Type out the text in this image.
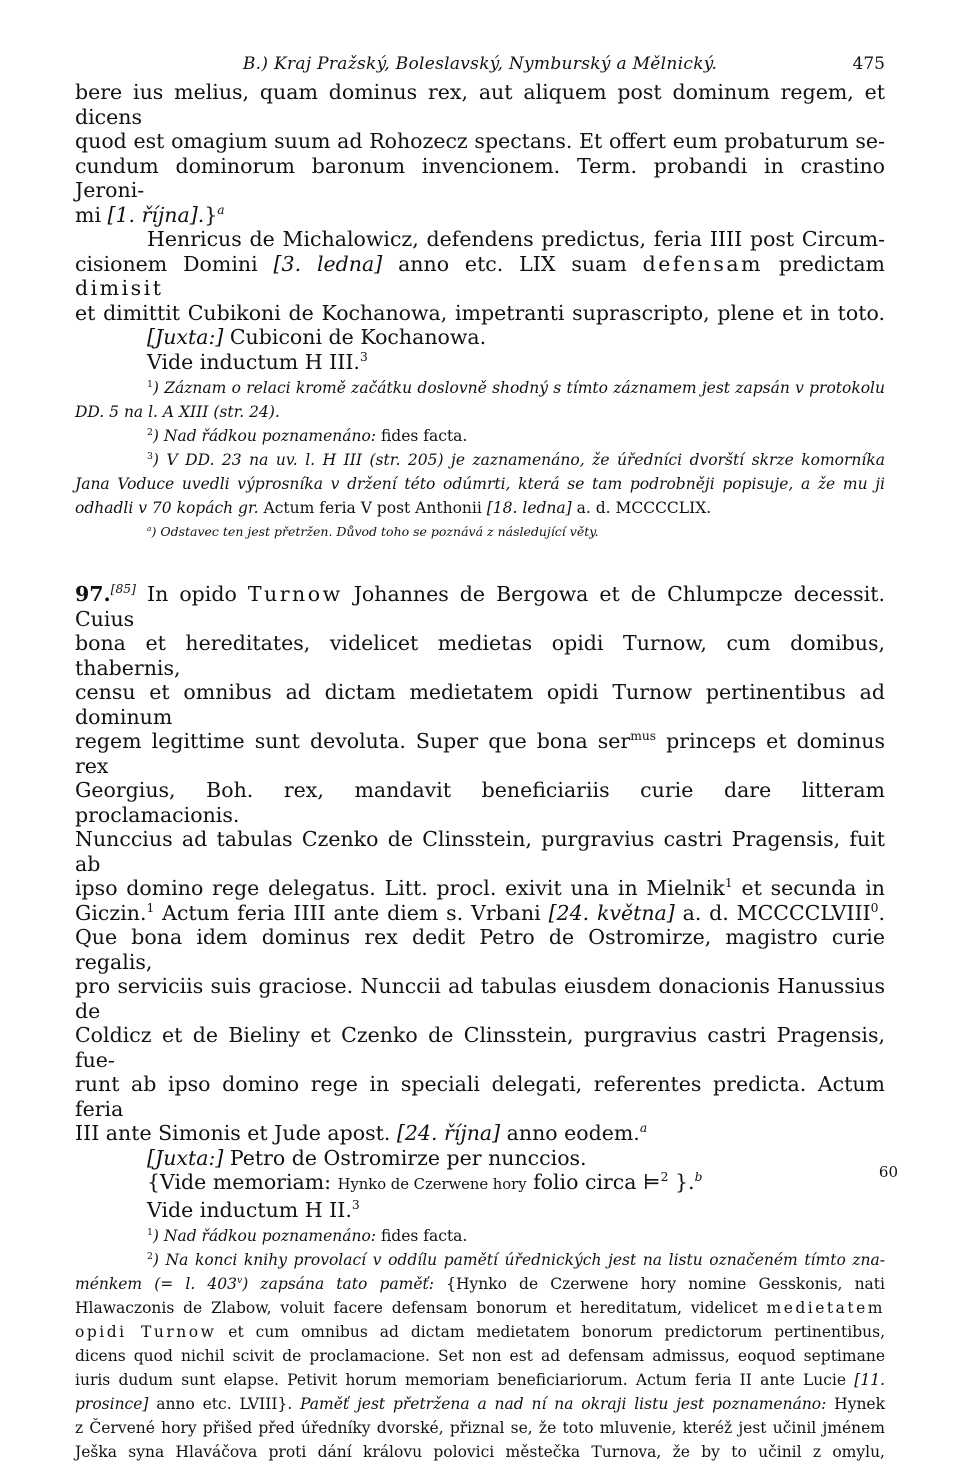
B.) Kraj Pražský, Boleslavský, Nymburský a Mělnický.	475
bere ius melius, quam dominus rex, aut aliquem post dominum regem, et dicens
quod est omagium suum ad Rohozecz spectans. Et offert eum probaturum se-
cundum dominorum baronum invencionem. Term. probandi in crastino Jeroni-
mi [1. října].}$^a$
Henricus de Michalowicz, defendens predictus, feria IIII post Circum-
cisionem Domini [3. ledna] anno etc. LIX suam defensam predictam dimisit
et dimittit Cubikoni de Kochanowa, impetranti suprascripto, plene et in toto.
[Juxta:] Cubiconi de Kochanowa.
Vide inductum H III.$^3$
$^1$) Záznam o relaci kromě začátku doslovně shodný s tímto záznamem jest zapsán v protokolu
DD. 5 na l. A XIII (str. 24).
$^2$) Nad řádkou poznamenáno: fides facta.
$^3$) V DD. 23 na uv. l. H III (str. 205) je zaznamenáno, že úředníci dvorští skrze komorníka
Jana Voduce uvedli výprosníka v držení této odúmrti, která se tam podrobněji popisuje, a že mu ji
odhadli v 70 kopách gr. Actum feria V post Anthonii [18. ledna] a. d. MCCCCLIX.
$^a$) Odstavec ten jest přetržen. Důvod toho se poznává z následující věty.
97.[85] In opido Turnow Johannes de Bergowa et de Chlumpcze decessit. Cuius
bona et hereditates, videlicet medietas opidi Turnow, cum domibus, thabernis,
censu et omnibus ad dictam medietatem opidi Turnow pertinentibus ad dominum
regem legittime sunt devoluta. Super que bona ser$^{mus}$ princeps et dominus rex
Georgius, Boh. rex, mandavit beneficiariis curie dare litteram proclamacionis.
Nunccius ad tabulas Czenko de Clinsstein, purgravius castri Pragensis, fuit ab
ipso domino rege delegatus. Litt. procl. exivit una in Mielnik$^1$ et secunda in
Giczin.$^1$ Actum feria IIII ante diem s. Vrbani [24. května] a. d. MCCCCLVIII$^0$.
Que bona idem dominus rex dedit Petro de Ostromirze, magistro curie regalis,
pro serviciis suis graciose. Nunccii ad tabulas eiusdem donacionis Hanussius de
Coldicz et de Bieliny et Czenko de Clinsstein, purgravius castri Pragensis, fue-
runt ab ipso domino rege in speciali delegati, referentes predicta. Actum feria
III ante Simonis et Jude apost. [24. října] anno eodem.$^a$
[Juxta:] Petro de Ostromirze per nunccios.
{Vide memoriam: Hynko de Czerwene hory folio circa ⊨$^2$ }.$^b$
Vide inductum H II.$^3$
$^1$) Nad řádkou poznamenáno: fides facta.
$^2$) Na konci knihy provolací v oddílu pamětí úřednických jest na listu označeném tímto zna-
ménkem (= l. 403$^v$) zapsána tato paměť: {Hynko de Czerwene hory nomine Gesskonis, nati
Hlawaczonis de Zlabow, voluit facere defensam bonorum et hereditatum, videlicet medietatem
opidi Turnow et cum omnibus ad dictam medietatem bonorum predictorum pertinentibus,
dicens quod nichil scivit de proclamacione. Set non est ad defensam admissus, eoquod septimane
iuris dudum sunt elapse. Petivit horum memoriam beneficiariorum. Actum feria II ante Lucie [11.
prosince] anno etc. LVIII}. Paměť jest přetržena a nad ní na okraji listu jest poznamenáno: Hynek
z Červené hory přišed před úředníky dvorské, přiznal se, že toto mluvenie, kteréž jest učinil jménem
Ješka syna Hlaváčova proti dání královu polovici městečka Turnova, že by to učinil z omylu,
60
